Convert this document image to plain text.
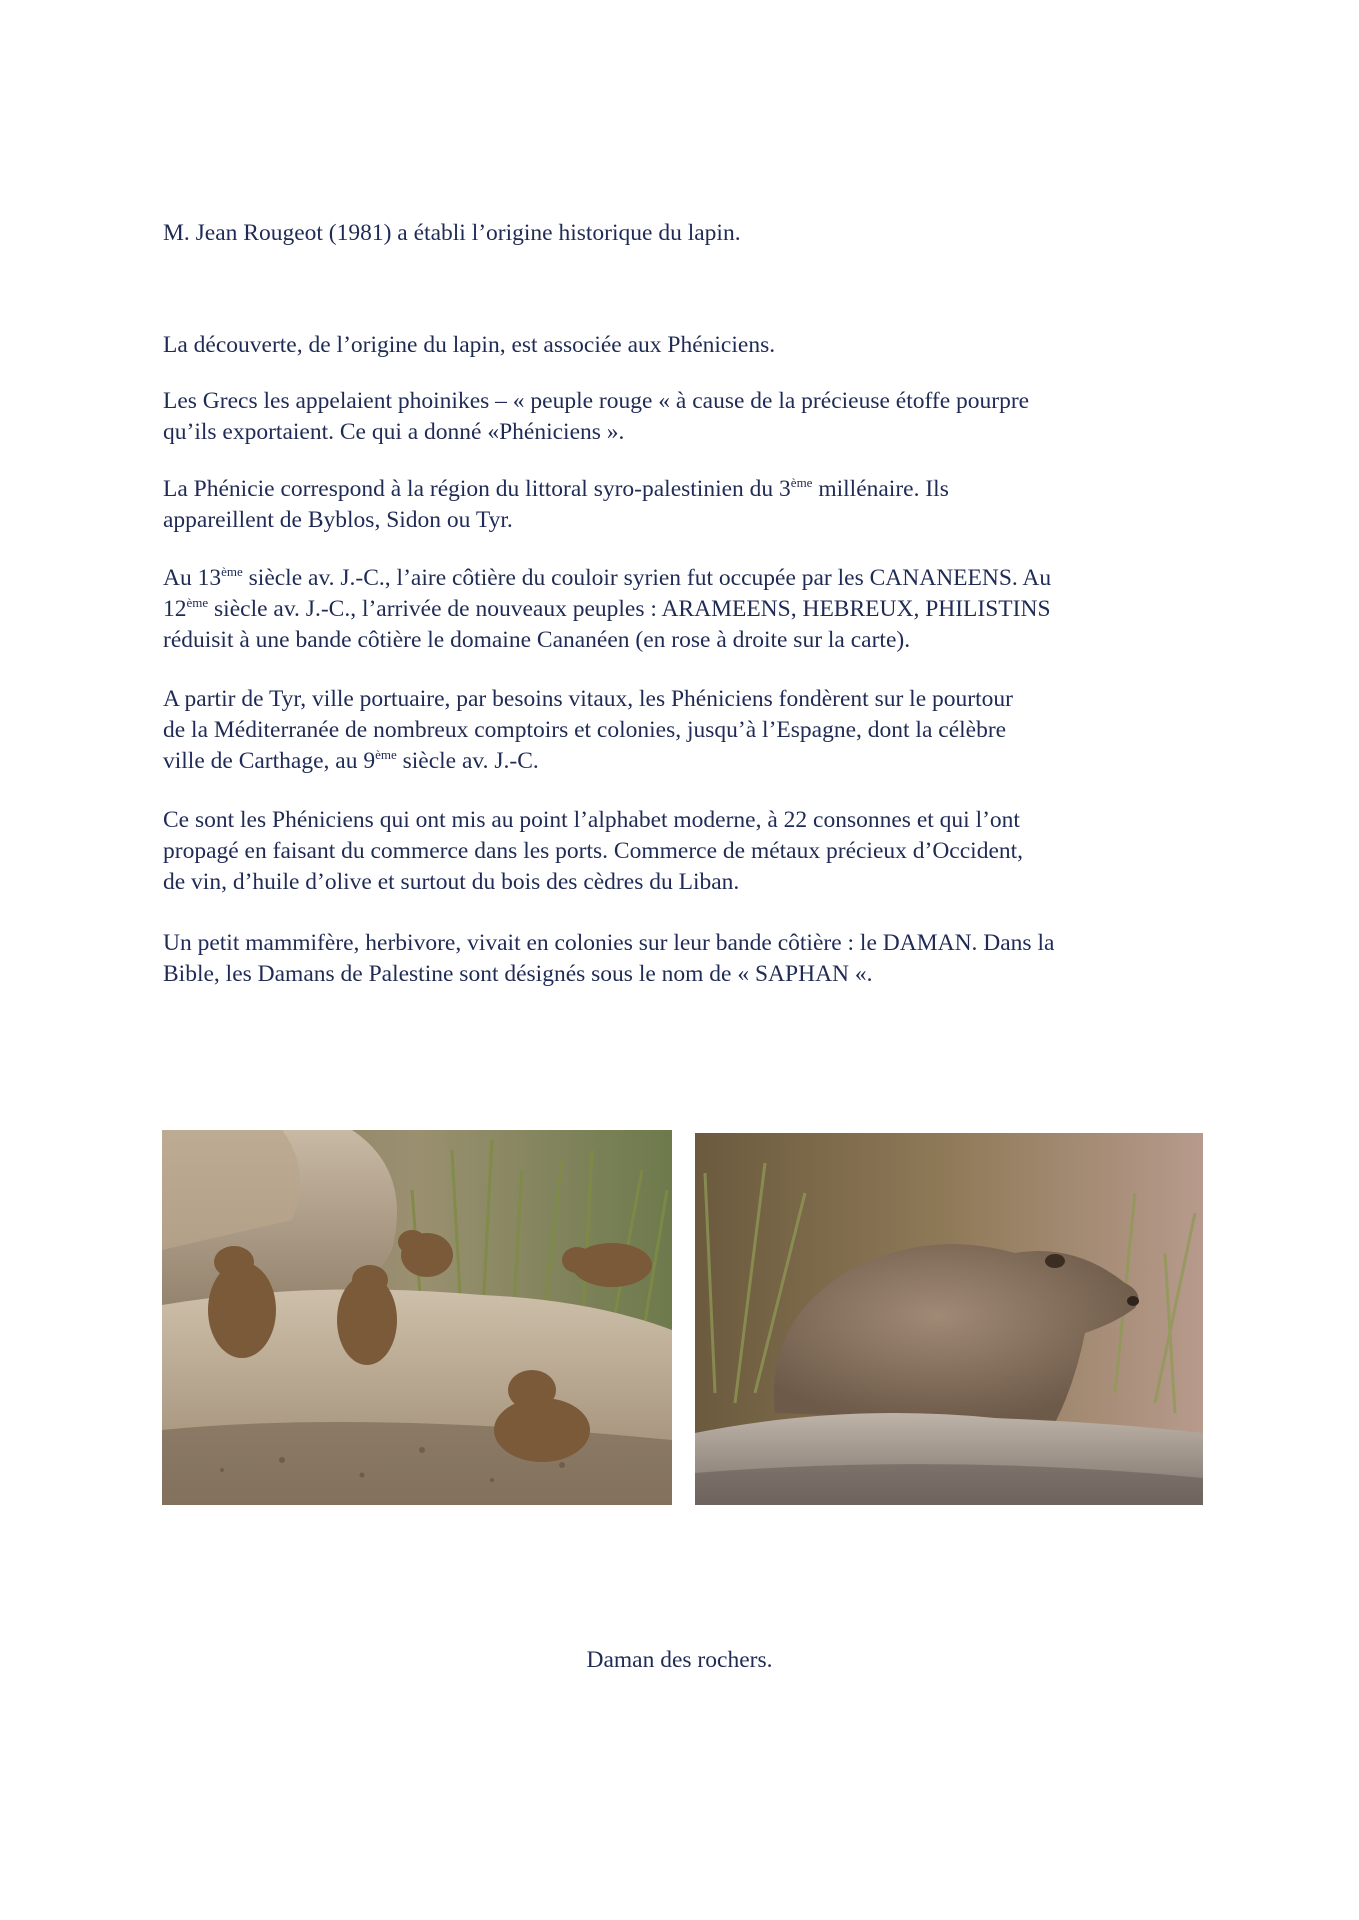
M. Jean Rougeot (1981) a établi l’origine historique du lapin.

La découverte, de l’origine du lapin, est associée aux Phéniciens.

Les Grecs les appelaient phoinikes – « peuple rouge « à cause de la précieuse étoffe pourpre

qu’ils exportaient. Ce qui a donné «Phéniciens ».

La Phénicie correspond à la région du littoral syro-palestinien du 3ème millénaire. Ils

appareillent de Byblos, Sidon ou Tyr.

Au 13ème siècle av. J.-C., l’aire côtière du couloir syrien fut occupée par les CANANEENS. Au

12ème siècle av. J.-C., l’arrivée de nouveaux peuples : ARAMEENS, HEBREUX, PHILISTINS

réduisit à une bande côtière le domaine Cananéen (en rose à droite sur la carte).

A partir de Tyr, ville portuaire, par besoins vitaux, les Phéniciens fondèrent sur le pourtour

de la Méditerranée de nombreux comptoirs et colonies, jusqu’à l’Espagne, dont la célèbre

ville de Carthage, au 9ème siècle av. J.-C.

Ce sont les Phéniciens qui ont mis au point l’alphabet moderne, à 22 consonnes et qui l’ont

propagé en faisant du commerce dans les ports. Commerce de métaux précieux d’Occident,

de vin, d’huile d’olive et surtout du bois des cèdres du Liban.

Un petit mammifère, herbivore, vivait en colonies sur leur bande côtière : le DAMAN. Dans la

Bible, les Damans de Palestine sont désignés sous le nom de « SAPHAN «.

Daman des rochers.
